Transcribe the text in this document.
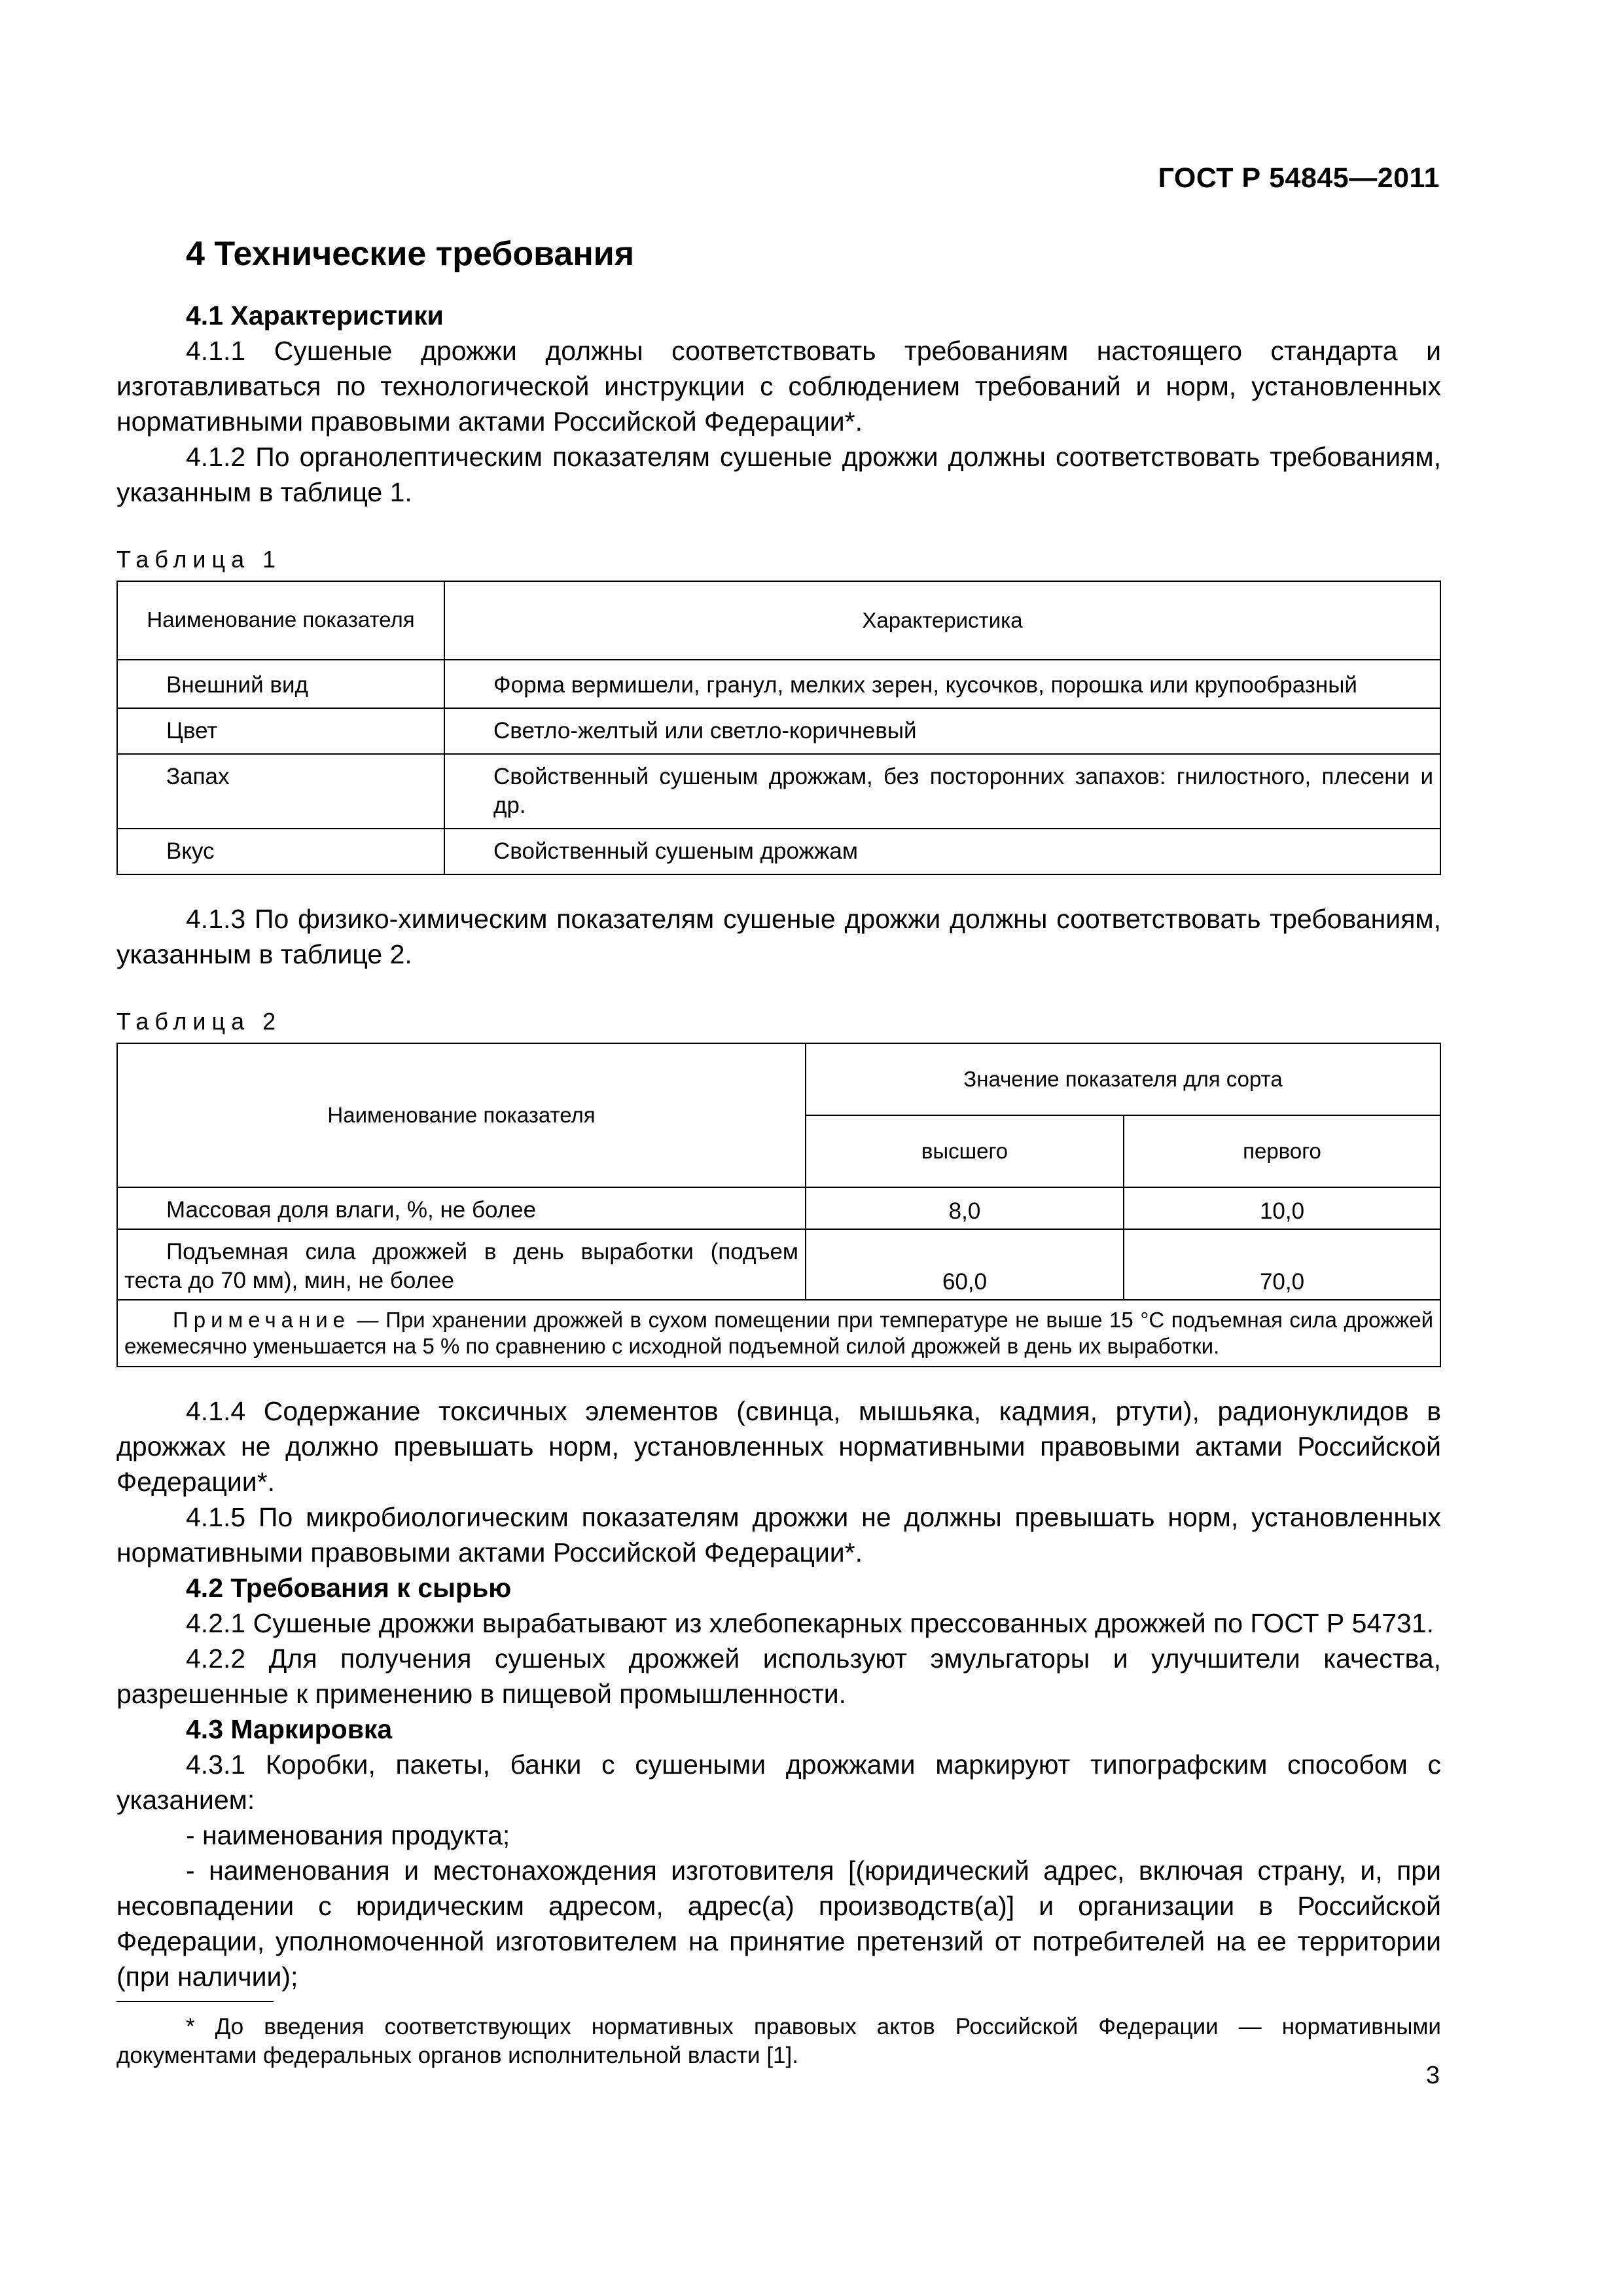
ГОСТ Р 54845—2011
4 Технические требования
4.1 Характеристики

4.1.1 Сушеные дрожжи должны соответствовать требованиям настоящего стандарта и изготавливаться по технологической инструкции с соблюдением требований и норм, установленных нормативными правовыми актами Российской Федерации*.

4.1.2 По органолептическим показателям сушеные дрожжи должны соответствовать требованиям, указанным в таблице 1.

Таблица 1
Наименование показателя	Характеристика
Внешний вид	Форма вермишели, гранул, мелких зерен, кусочков, порошка или крупообразный
Цвет	Светло-желтый или светло-коричневый
Запах	Свойственный сушеным дрожжам, без посторонних запахов: гнилостного, плесени и др.
Вкус	Свойственный сушеным дрожжам

4.1.3 По физико-химическим показателям сушеные дрожжи должны соответствовать требованиям, указанным в таблице 2.

Таблица 2
Наименование показателя	Значение показателя для сорта	
	высшего	первого
Массовая доля влаги, %, не более	8,0	10,0
Подъемная сила дрожжей в день выработки (подъем теста до 70 мм), мин, не более	60,0	70,0
Примечание — При хранении дрожжей в сухом помещении при температуре не выше 15 °С подъемная сила дрожжей ежемесячно уменьшается на 5 % по сравнению с исходной подъемной силой дрожжей в день их выработки.		

4.1.4 Содержание токсичных элементов (свинца, мышьяка, кадмия, ртути), радионуклидов в дрожжах не должно превышать норм, установленных нормативными правовыми актами Российской Федерации*.

4.1.5 По микробиологическим показателям дрожжи не должны превышать норм, установленных нормативными правовыми актами Российской Федерации*.

4.2 Требования к сырью

4.2.1 Сушеные дрожжи вырабатывают из хлебопекарных прессованных дрожжей по ГОСТ Р 54731.

4.2.2 Для получения сушеных дрожжей используют эмульгаторы и улучшители качества, разрешенные к применению в пищевой промышленности.

4.3 Маркировка

4.3.1 Коробки, пакеты, банки с сушеными дрожжами маркируют типографским способом с указанием:

- наименования продукта;

- наименования и местонахождения изготовителя [(юридический адрес, включая страну, и, при несовпадении с юридическим адресом, адрес(а) производств(а)] и организации в Российской Федерации, уполномоченной изготовителем на принятие претензий от потребителей на ее территории (при наличии);

* До введения соответствующих нормативных правовых актов Российской Федерации — нормативными документами федеральных органов исполнительной власти [1].

3
